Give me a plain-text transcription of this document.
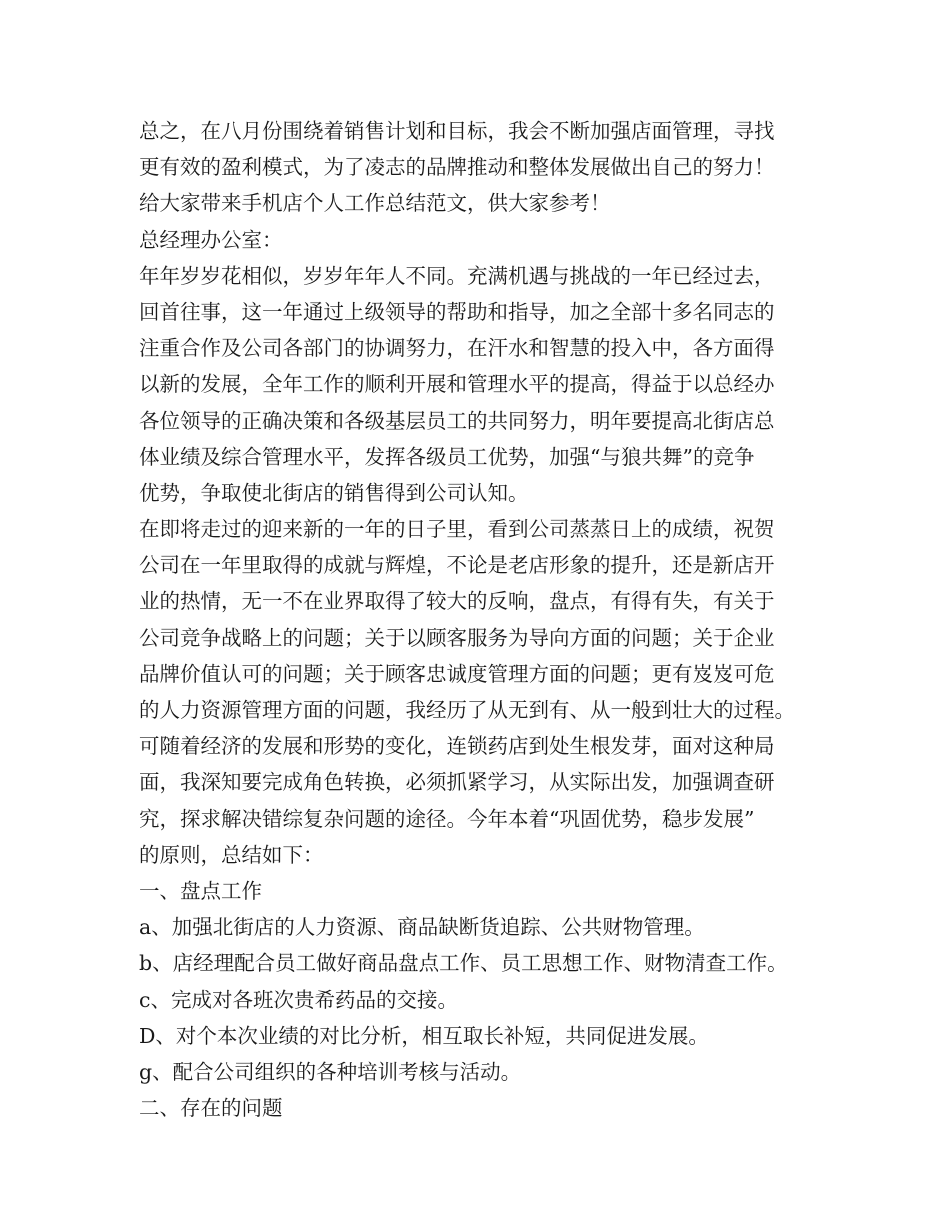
总之，在八月份围绕着销售计划和目标，我会不断加强店面管理，寻找
更有效的盈利模式，为了凌志的品牌推动和整体发展做出自己的努力！
给大家带来手机店个人工作总结范文，供大家参考！
总经理办公室：
年年岁岁花相似，岁岁年年人不同。充满机遇与挑战的一年已经过去，
回首往事，这一年通过上级领导的帮助和指导，加之全部十多名同志的
注重合作及公司各部门的协调努力，在汗水和智慧的投入中，各方面得
以新的发展，全年工作的顺利开展和管理水平的提高，得益于以总经办
各位领导的正确决策和各级基层员工的共同努力，明年要提高北街店总
体业绩及综合管理水平，发挥各级员工优势，加强“与狼共舞”的竞争
优势，争取使北街店的销售得到公司认知。
在即将走过的迎来新的一年的日子里，看到公司蒸蒸日上的成绩，祝贺
公司在一年里取得的成就与辉煌，不论是老店形象的提升，还是新店开
业的热情，无一不在业界取得了较大的反响，盘点，有得有失，有关于
公司竞争战略上的问题；关于以顾客服务为导向方面的问题；关于企业
品牌价值认可的问题；关于顾客忠诚度管理方面的问题；更有岌岌可危
的人力资源管理方面的问题，我经历了从无到有、从一般到壮大的过程。
可随着经济的发展和形势的变化，连锁药店到处生根发芽，面对这种局
面，我深知要完成角色转换，必须抓紧学习，从实际出发，加强调查研
究，探求解决错综复杂问题的途径。今年本着“巩固优势，稳步发展”
的原则，总结如下：
一、盘点工作
a、加强北街店的人力资源、商品缺断货追踪、公共财物管理。
b、店经理配合员工做好商品盘点工作、员工思想工作、财物清查工作。
c、完成对各班次贵希药品的交接。
D、对个本次业绩的对比分析，相互取长补短，共同促进发展。
g、配合公司组织的各种培训考核与活动。
二、存在的问题
